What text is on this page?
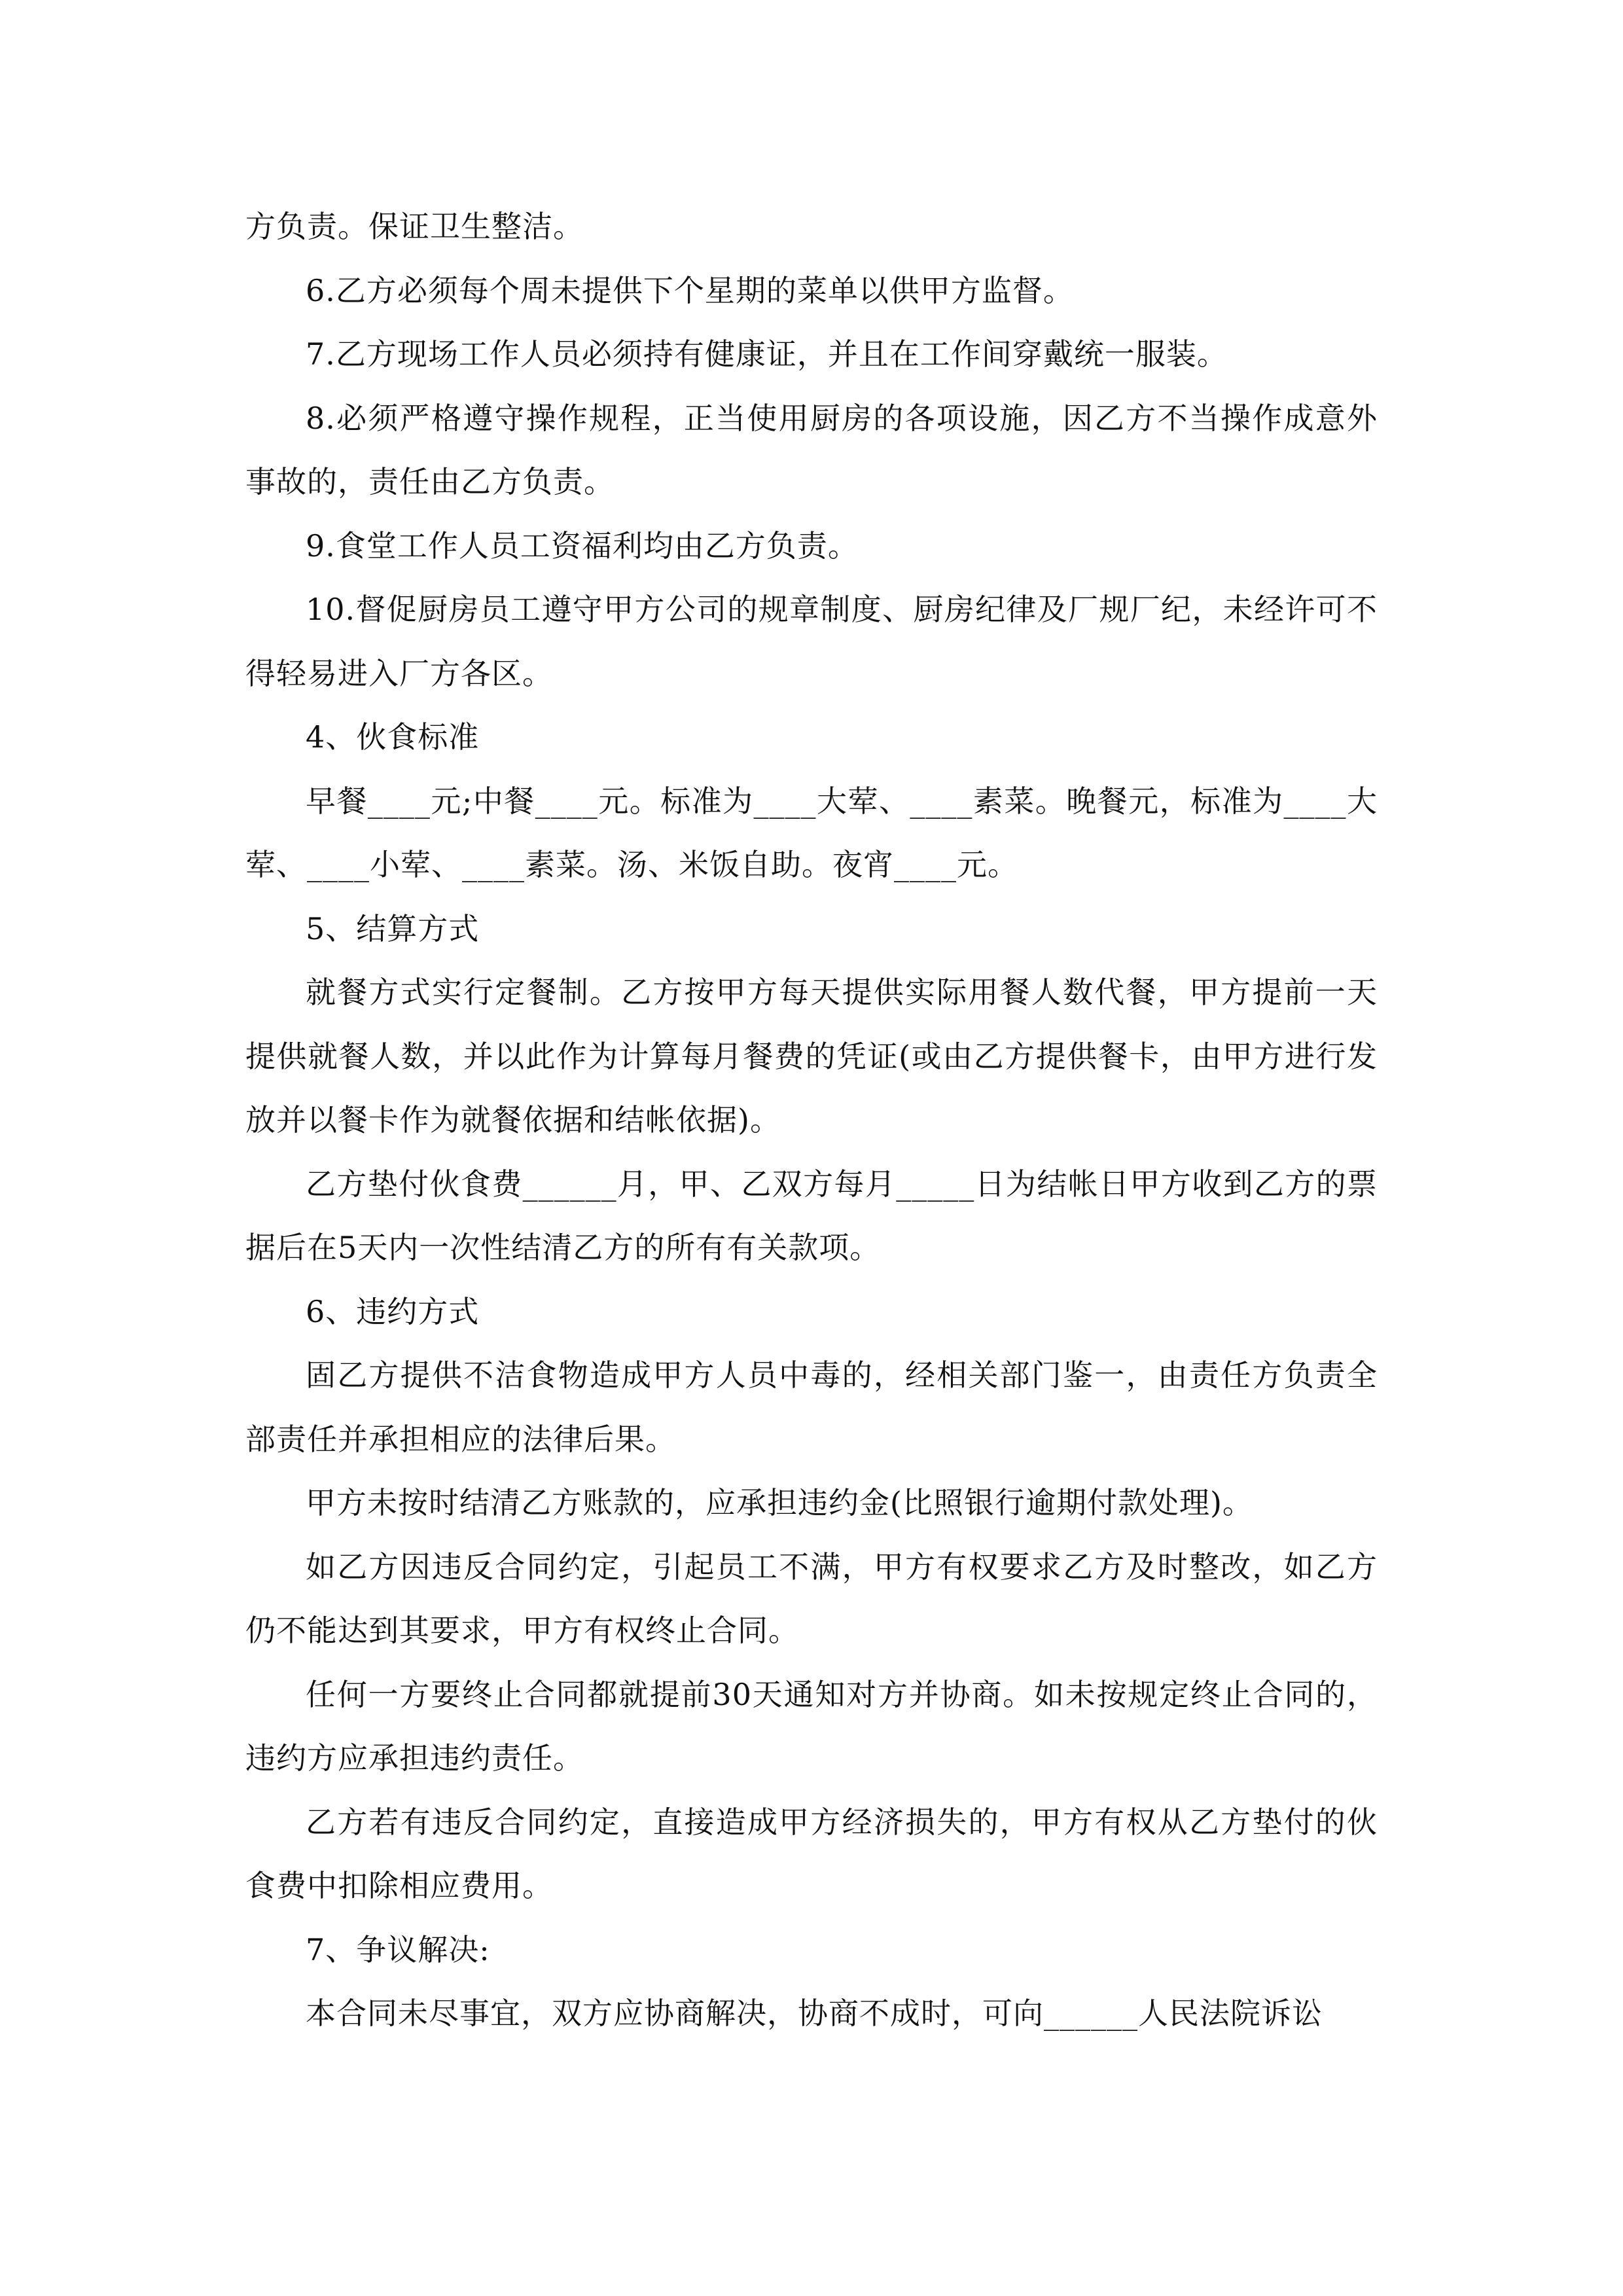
方负责。保证卫生整洁。

6.乙方必须每个周未提供下个星期的菜单以供甲方监督。

7.乙方现场工作人员必须持有健康证，并且在工作间穿戴统一服装。

8.必须严格遵守操作规程，正当使用厨房的各项设施，因乙方不当操作成意外事故的，责任由乙方负责。

9.食堂工作人员工资福利均由乙方负责。

10.督促厨房员工遵守甲方公司的规章制度、厨房纪律及厂规厂纪，未经许可不得轻易进入厂方各区。

4、伙食标准

早餐____元;中餐____元。标准为____大荤、____素菜。晚餐元，标准为____大荤、____小荤、____素菜。汤、米饭自助。夜宵____元。

5、结算方式

就餐方式实行定餐制。乙方按甲方每天提供实际用餐人数代餐，甲方提前一天提供就餐人数，并以此作为计算每月餐费的凭证(或由乙方提供餐卡，由甲方进行发放并以餐卡作为就餐依据和结帐依据)。

乙方垫付伙食费______月，甲、乙双方每月_____日为结帐日甲方收到乙方的票据后在5天内一次性结清乙方的所有有关款项。

6、违约方式

固乙方提供不洁食物造成甲方人员中毒的，经相关部门鉴一，由责任方负责全部责任并承担相应的法律后果。

甲方未按时结清乙方账款的，应承担违约金(比照银行逾期付款处理)。

如乙方因违反合同约定，引起员工不满，甲方有权要求乙方及时整改，如乙方仍不能达到其要求，甲方有权终止合同。

任何一方要终止合同都就提前30天通知对方并协商。如未按规定终止合同的，违约方应承担违约责任。

乙方若有违反合同约定，直接造成甲方经济损失的，甲方有权从乙方垫付的伙食费中扣除相应费用。

7、争议解决:

本合同未尽事宜，双方应协商解决，协商不成时，可向______人民法院诉讼
